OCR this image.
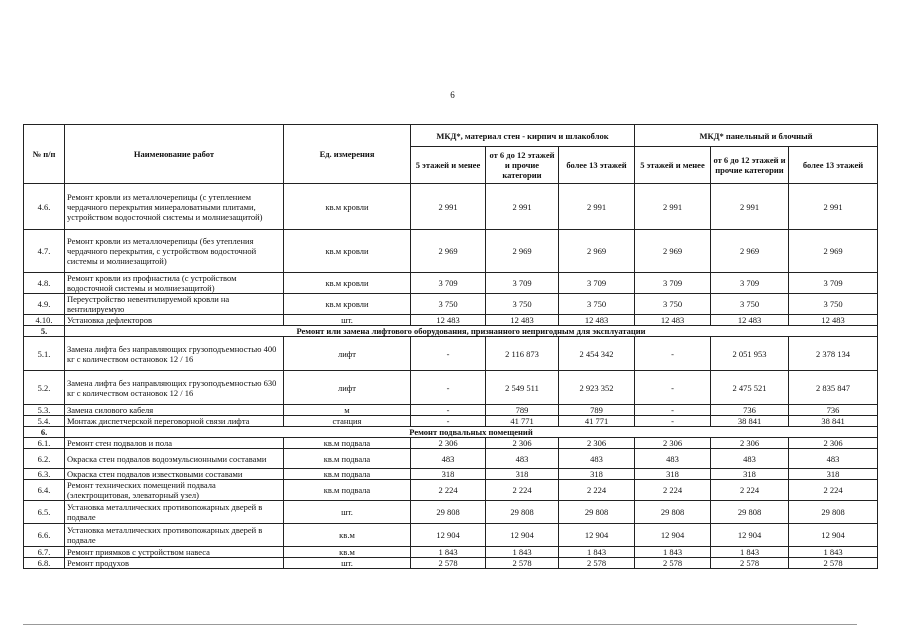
6
№ п/п	Наименование работ	Ед. измерения	МКД*, материал стен - кирпич и шлакоблок			МКД* панельный и блочный		
			5 этажей и менее	от 6 до 12 этажей и прочие категории	более 13 этажей	5 этажей и менее	от 6 до 12 этажей и прочие категории	более 13 этажей
4.6.	Ремонт кровли из металлочерепицы (с утеплением чердачного перекрытия минераловатными плитами, устройством водосточной системы и молниезащитой)	кв.м кровли	2 991	2 991	2 991	2 991	2 991	2 991
4.7.	Ремонт кровли из металлочерепицы (без утепления чердачного перекрытия, с устройством водосточной системы и молниезащитой)	кв.м кровли	2 969	2 969	2 969	2 969	2 969	2 969
4.8.	Ремонт кровли из профнастила (с устройством водосточной системы и молниезащитой)	кв.м кровли	3 709	3 709	3 709	3 709	3 709	3 709
4.9.	Переустройство невентилируемой кровли на вентилируемую	кв.м кровли	3 750	3 750	3 750	3 750	3 750	3 750
4.10.	Установка дефлекторов	шт.	12 483	12 483	12 483	12 483	12 483	12 483
5.	Ремонт или замена лифтового оборудования, признанного непригодным для эксплуатации							
5.1.	Замена лифта без направляющих грузоподъемностью 400 кг с количеством остановок 12 / 16	лифт	-	2 116 873	2 454 342	-	2 051 953	2 378 134
5.2.	Замена лифта без направляющих грузоподъемностью 630 кг с количеством остановок 12 / 16	лифт	-	2 549 511	2 923 352	-	2 475 521	2 835 847
5.3.	Замена силового кабеля	м	-	789	789	-	736	736
5.4.	Монтаж диспетчерской переговорной связи лифта	станция	-	41 771	41 771	-	38 841	38 841
6.	Ремонт подвальных помещений							
6.1.	Ремонт стен подвалов и пола	кв.м подвала	2 306	2 306	2 306	2 306	2 306	2 306
6.2.	Окраска стен подвалов водоэмульсионными составами	кв.м подвала	483	483	483	483	483	483
6.3.	Окраска стен подвалов известковыми составами	кв.м подвала	318	318	318	318	318	318
6.4.	Ремонт технических помещений подвала (электрощитовая, элеваторный узел)	кв.м подвала	2 224	2 224	2 224	2 224	2 224	2 224
6.5.	Установка металлических противопожарных дверей в подвале	шт.	29 808	29 808	29 808	29 808	29 808	29 808
6.6.	Установка металлических противопожарных дверей в подвале	кв.м	12 904	12 904	12 904	12 904	12 904	12 904
6.7.	Ремонт приямков с устройством навеса	кв.м	1 843	1 843	1 843	1 843	1 843	1 843
6.8.	Ремонт продухов	шт.	2 578	2 578	2 578	2 578	2 578	2 578
